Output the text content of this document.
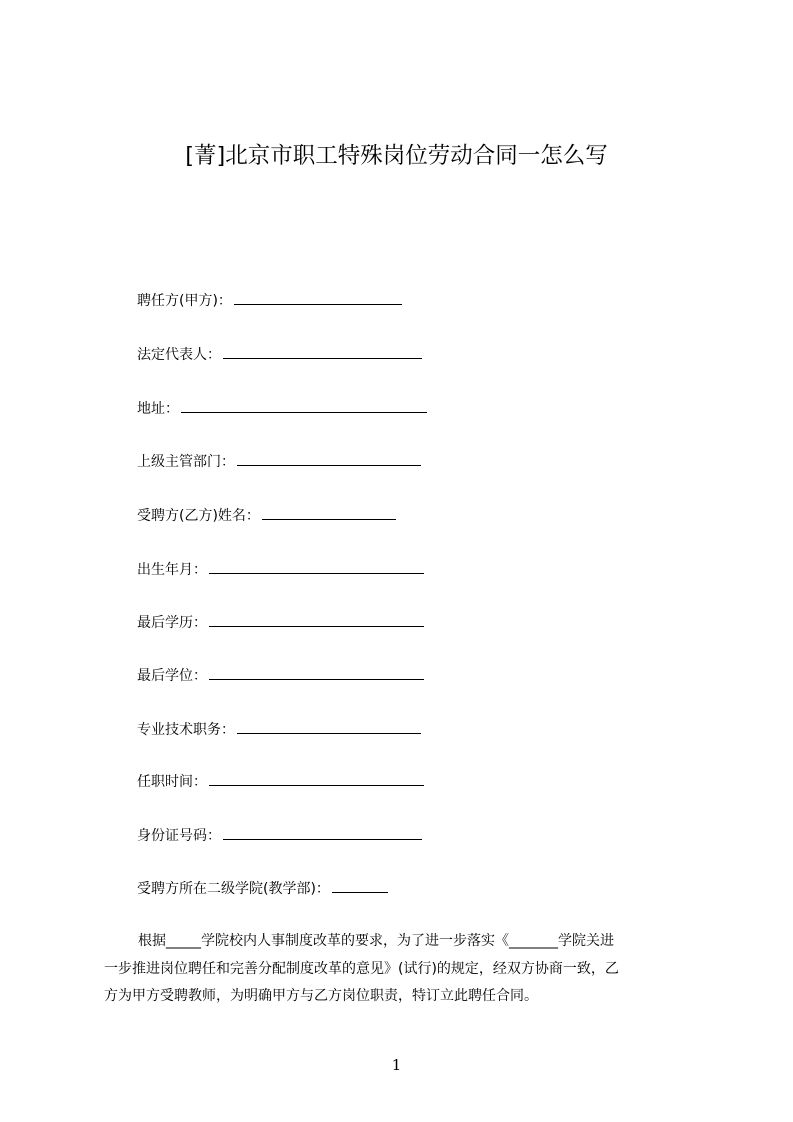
[菁]北京市职工特殊岗位劳动合同一怎么写
聘任方(甲方)：
法定代表人：
地址：
上级主管部门：
受聘方(乙方)姓名：
出生年月：
最后学历：
最后学位：
专业技术职务：
任职时间：
身份证号码：
受聘方所在二级学院(教学部)：
根据_____学院校内人事制度改革的要求，为了进一步落实《_______学院关进
一步推进岗位聘任和完善分配制度改革的意见》(试行)的规定，经双方协商一致，乙
方为甲方受聘教师，为明确甲方与乙方岗位职责，特订立此聘任合同。
1
